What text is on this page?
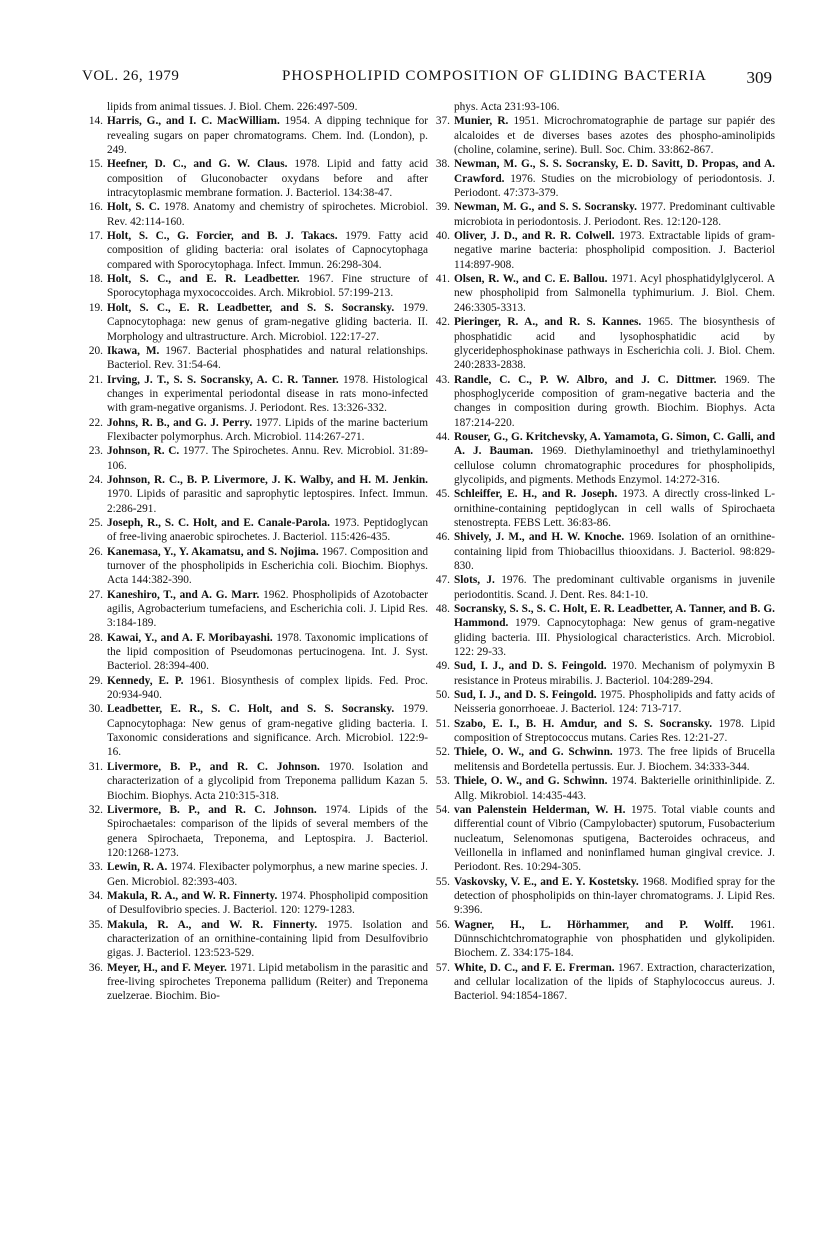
VOL. 26, 1979	PHOSPHOLIPID COMPOSITION OF GLIDING BACTERIA 309
lipids from animal tissues. J. Biol. Chem. 226:497-509.
14. Harris, G., and I. C. MacWilliam. 1954. A dipping technique for revealing sugars on paper chromatograms. Chem. Ind. (London), p. 249.
15. Heefner, D. C., and G. W. Claus. 1978. Lipid and fatty acid composition of Gluconobacter oxydans before and after intracytoplasmic membrane formation. J. Bacteriol. 134:38-47.
16. Holt, S. C. 1978. Anatomy and chemistry of spirochetes. Microbiol. Rev. 42:114-160.
17. Holt, S. C., G. Forcier, and B. J. Takacs. 1979. Fatty acid composition of gliding bacteria: oral isolates of Capnocytophaga compared with Sporocytophaga. Infect. Immun. 26:298-304.
18. Holt, S. C., and E. R. Leadbetter. 1967. Fine structure of Sporocytophaga myxococcoides. Arch. Mikrobiol. 57:199-213.
19. Holt, S. C., E. R. Leadbetter, and S. S. Socransky. 1979. Capnocytophaga: new genus of gram-negative gliding bacteria. II. Morphology and ultrastructure. Arch. Microbiol. 122:17-27.
20. Ikawa, M. 1967. Bacterial phosphatides and natural relationships. Bacteriol. Rev. 31:54-64.
21. Irving, J. T., S. S. Socransky, A. C. R. Tanner. 1978. Histological changes in experimental periodontal disease in rats mono-infected with gram-negative organisms. J. Periodont. Res. 13:326-332.
22. Johns, R. B., and G. J. Perry. 1977. Lipids of the marine bacterium Flexibacter polymorphus. Arch. Microbiol. 114:267-271.
23. Johnson, R. C. 1977. The Spirochetes. Annu. Rev. Microbiol. 31:89-106.
24. Johnson, R. C., B. P. Livermore, J. K. Walby, and H. M. Jenkin. 1970. Lipids of parasitic and saprophytic leptospires. Infect. Immun. 2:286-291.
25. Joseph, R., S. C. Holt, and E. Canale-Parola. 1973. Peptidoglycan of free-living anaerobic spirochetes. J. Bacteriol. 115:426-435.
26. Kanemasa, Y., Y. Akamatsu, and S. Nojima. 1967. Composition and turnover of the phospholipids in Escherichia coli. Biochim. Biophys. Acta 144:382-390.
27. Kaneshiro, T., and A. G. Marr. 1962. Phospholipids of Azotobacter agilis, Agrobacterium tumefaciens, and Escherichia coli. J. Lipid Res. 3:184-189.
28. Kawai, Y., and A. F. Moribayashi. 1978. Taxonomic implications of the lipid composition of Pseudomonas pertucinogena. Int. J. Syst. Bacteriol. 28:394-400.
29. Kennedy, E. P. 1961. Biosynthesis of complex lipids. Fed. Proc. 20:934-940.
30. Leadbetter, E. R., S. C. Holt, and S. S. Socransky. 1979. Capnocytophaga: New genus of gram-negative gliding bacteria. I. Taxonomic considerations and significance. Arch. Microbiol. 122:9-16.
31. Livermore, B. P., and R. C. Johnson. 1970. Isolation and characterization of a glycolipid from Treponema pallidum Kazan 5. Biochim. Biophys. Acta 210:315-318.
32. Livermore, B. P., and R. C. Johnson. 1974. Lipids of the Spirochaetales: comparison of the lipids of several members of the genera Spirochaeta, Treponema, and Leptospira. J. Bacteriol. 120:1268-1273.
33. Lewin, R. A. 1974. Flexibacter polymorphus, a new marine species. J. Gen. Microbiol. 82:393-403.
34. Makula, R. A., and W. R. Finnerty. 1974. Phospholipid composition of Desulfovibrio species. J. Bacteriol. 120: 1279-1283.
35. Makula, R. A., and W. R. Finnerty. 1975. Isolation and characterization of an ornithine-containing lipid from Desulfovibrio gigas. J. Bacteriol. 123:523-529.
36. Meyer, H., and F. Meyer. 1971. Lipid metabolism in the parasitic and free-living spirochetes Treponema pallidum (Reiter) and Treponema zuelzerae. Biochim. Bio-
phys. Acta 231:93-106.
37. Munier, R. 1951. Microchromatographie de partage sur papiér des alcaloides et de diverses bases azotes des phospho-aminolipids (choline, colamine, serine). Bull. Soc. Chim. 33:862-867.
38. Newman, M. G., S. S. Socransky, E. D. Savitt, D. Propas, and A. Crawford. 1976. Studies on the microbiology of periodontosis. J. Periodont. 47:373-379.
39. Newman, M. G., and S. S. Socransky. 1977. Predominant cultivable microbiota in periodontosis. J. Periodont. Res. 12:120-128.
40. Oliver, J. D., and R. R. Colwell. 1973. Extractable lipids of gram-negative marine bacteria: phospholipid composition. J. Bacteriol 114:897-908.
41. Olsen, R. W., and C. E. Ballou. 1971. Acyl phosphatidylglycerol. A new phospholipid from Salmonella typhimurium. J. Biol. Chem. 246:3305-3313.
42. Pieringer, R. A., and R. S. Kannes. 1965. The biosynthesis of phosphatidic acid and lysophosphatidic acid by glyceridephosphokinase pathways in Escherichia coli. J. Biol. Chem. 240:2833-2838.
43. Randle, C. C., P. W. Albro, and J. C. Dittmer. 1969. The phosphoglyceride composition of gram-negative bacteria and the changes in composition during growth. Biochim. Biophys. Acta 187:214-220.
44. Rouser, G., G. Kritchevsky, A. Yamamota, G. Simon, C. Galli, and A. J. Bauman. 1969. Diethylaminoethyl and triethylaminoethyl cellulose column chromatographic procedures for phospholipids, glycolipids, and pigments. Methods Enzymol. 14:272-316.
45. Schleiffer, E. H., and R. Joseph. 1973. A directly cross-linked L-ornithine-containing peptidoglycan in cell walls of Spirochaeta stenostrepta. FEBS Lett. 36:83-86.
46. Shively, J. M., and H. W. Knoche. 1969. Isolation of an ornithine-containing lipid from Thiobacillus thiooxidans. J. Bacteriol. 98:829-830.
47. Slots, J. 1976. The predominant cultivable organisms in juvenile periodontitis. Scand. J. Dent. Res. 84:1-10.
48. Socransky, S. S., S. C. Holt, E. R. Leadbetter, A. Tanner, and B. G. Hammond. 1979. Capnocytophaga: New genus of gram-negative gliding bacteria. III. Physiological characteristics. Arch. Microbiol. 122: 29-33.
49. Sud, I. J., and D. S. Feingold. 1970. Mechanism of polymyxin B resistance in Proteus mirabilis. J. Bacteriol. 104:289-294.
50. Sud, I. J., and D. S. Feingold. 1975. Phospholipids and fatty acids of Neisseria gonorrhoeae. J. Bacteriol. 124: 713-717.
51. Szabo, E. I., B. H. Amdur, and S. S. Socransky. 1978. Lipid composition of Streptococcus mutans. Caries Res. 12:21-27.
52. Thiele, O. W., and G. Schwinn. 1973. The free lipids of Brucella melitensis and Bordetella pertussis. Eur. J. Biochem. 34:333-344.
53. Thiele, O. W., and G. Schwinn. 1974. Bakterielle orinithinlipide. Z. Allg. Mikrobiol. 14:435-443.
54. van Palenstein Helderman, W. H. 1975. Total viable counts and differential count of Vibrio (Campylobacter) sputorum, Fusobacterium nucleatum, Selenomonas sputigena, Bacteroides ochraceus, and Veillonella in inflamed and noninflamed human gingival crevice. J. Periodont. Res. 10:294-305.
55. Vaskovsky, V. E., and E. Y. Kostetsky. 1968. Modified spray for the detection of phospholipids on thin-layer chromatograms. J. Lipid Res. 9:396.
56. Wagner, H., L. Hörhammer, and P. Wolff. 1961. Dünnschichtchromatographie von phosphatiden und glykolipiden. Biochem. Z. 334:175-184.
57. White, D. C., and F. E. Frerman. 1967. Extraction, characterization, and cellular localization of the lipids of Staphylococcus aureus. J. Bacteriol. 94:1854-1867.
